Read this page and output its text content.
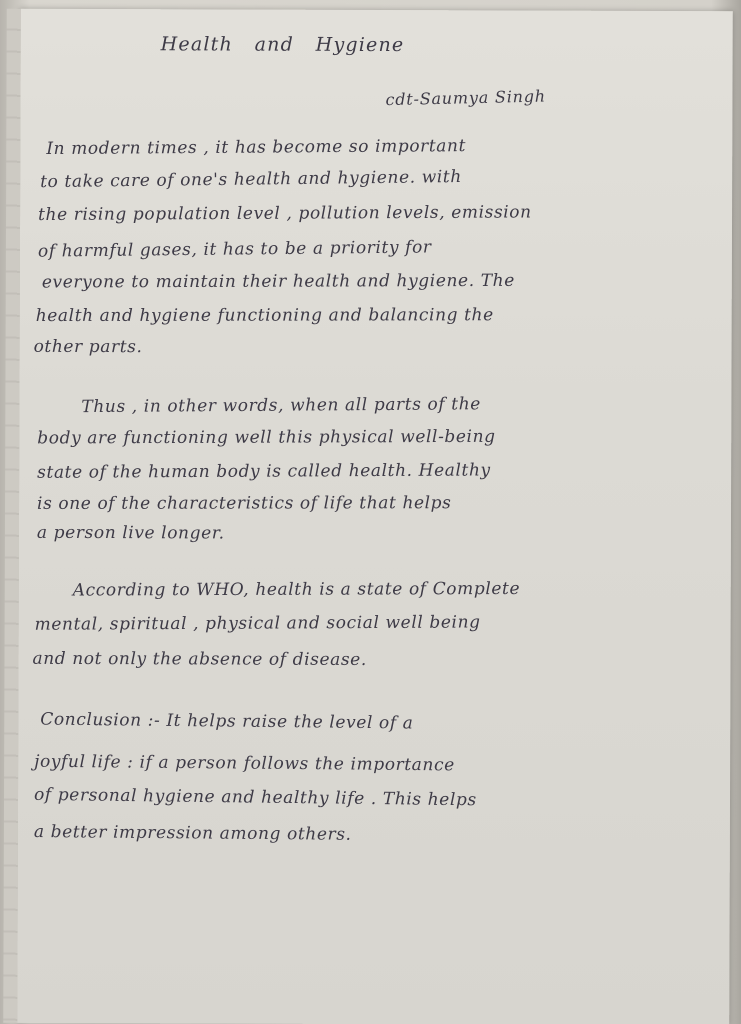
Health   and   Hygiene
cdt-Saumya Singh
In modern times , it has become so important
to take care of one's health and hygiene. with
the rising population level , pollution levels, emission
of harmful gases, it has to be a priority for
everyone to maintain their health and hygiene. The
health and hygiene functioning and balancing the
other parts.
Thus , in other words, when all parts of the
body are functioning well this physical well-being
state of the human body is called health. Healthy
is one of the characteristics of life that helps
a person live longer.
According to WHO, health is a state of Complete
mental, spiritual , physical and social well being
and not only the absence of disease.
Conclusion :- It helps raise the level of a
joyful life : if a person follows the importance
of personal hygiene and healthy life . This helps
a better impression among others.
